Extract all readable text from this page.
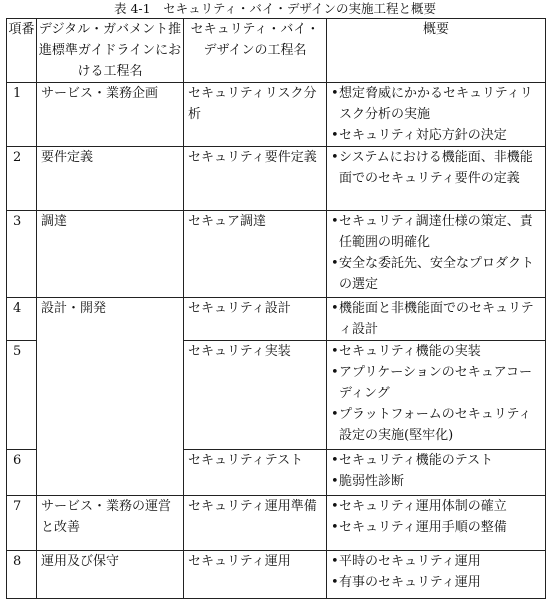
表 4-1　セキュリティ・バイ・デザインの実施工程と概要
項番	デジタル・ガバメント推進標準ガイドラインにおける工程名	セキュリティ・バイ・デザインの工程名	概要
1	サービス・業務企画	セキュリティリスク分析	• 想定脅威にかかるセキュリティリスク分析の実施
• セキュリティ対応方針の決定

2	要件定義	セキュリティ要件定義	• システムにおける機能面、非機能面でのセキュリティ要件の定義

3	調達	セキュア調達	• セキュリティ調達仕様の策定、責任範囲の明確化
• 安全な委託先、安全なプロダクトの選定

4	設計・開発	セキュリティ設計	• 機能面と非機能面でのセキュリティ設計

5		セキュリティ実装	• セキュリティ機能の実装
• アプリケーションのセキュアコーディング
• プラットフォームのセキュリティ設定の実施(堅牢化)

6		セキュリティテスト	• セキュリティ機能のテスト
• 脆弱性診断

7	サービス・業務の運営と改善	セキュリティ運用準備	• セキュリティ運用体制の確立
• セキュリティ運用手順の整備

8	運用及び保守	セキュリティ運用	• 平時のセキュリティ運用
• 有事のセキュリティ運用
